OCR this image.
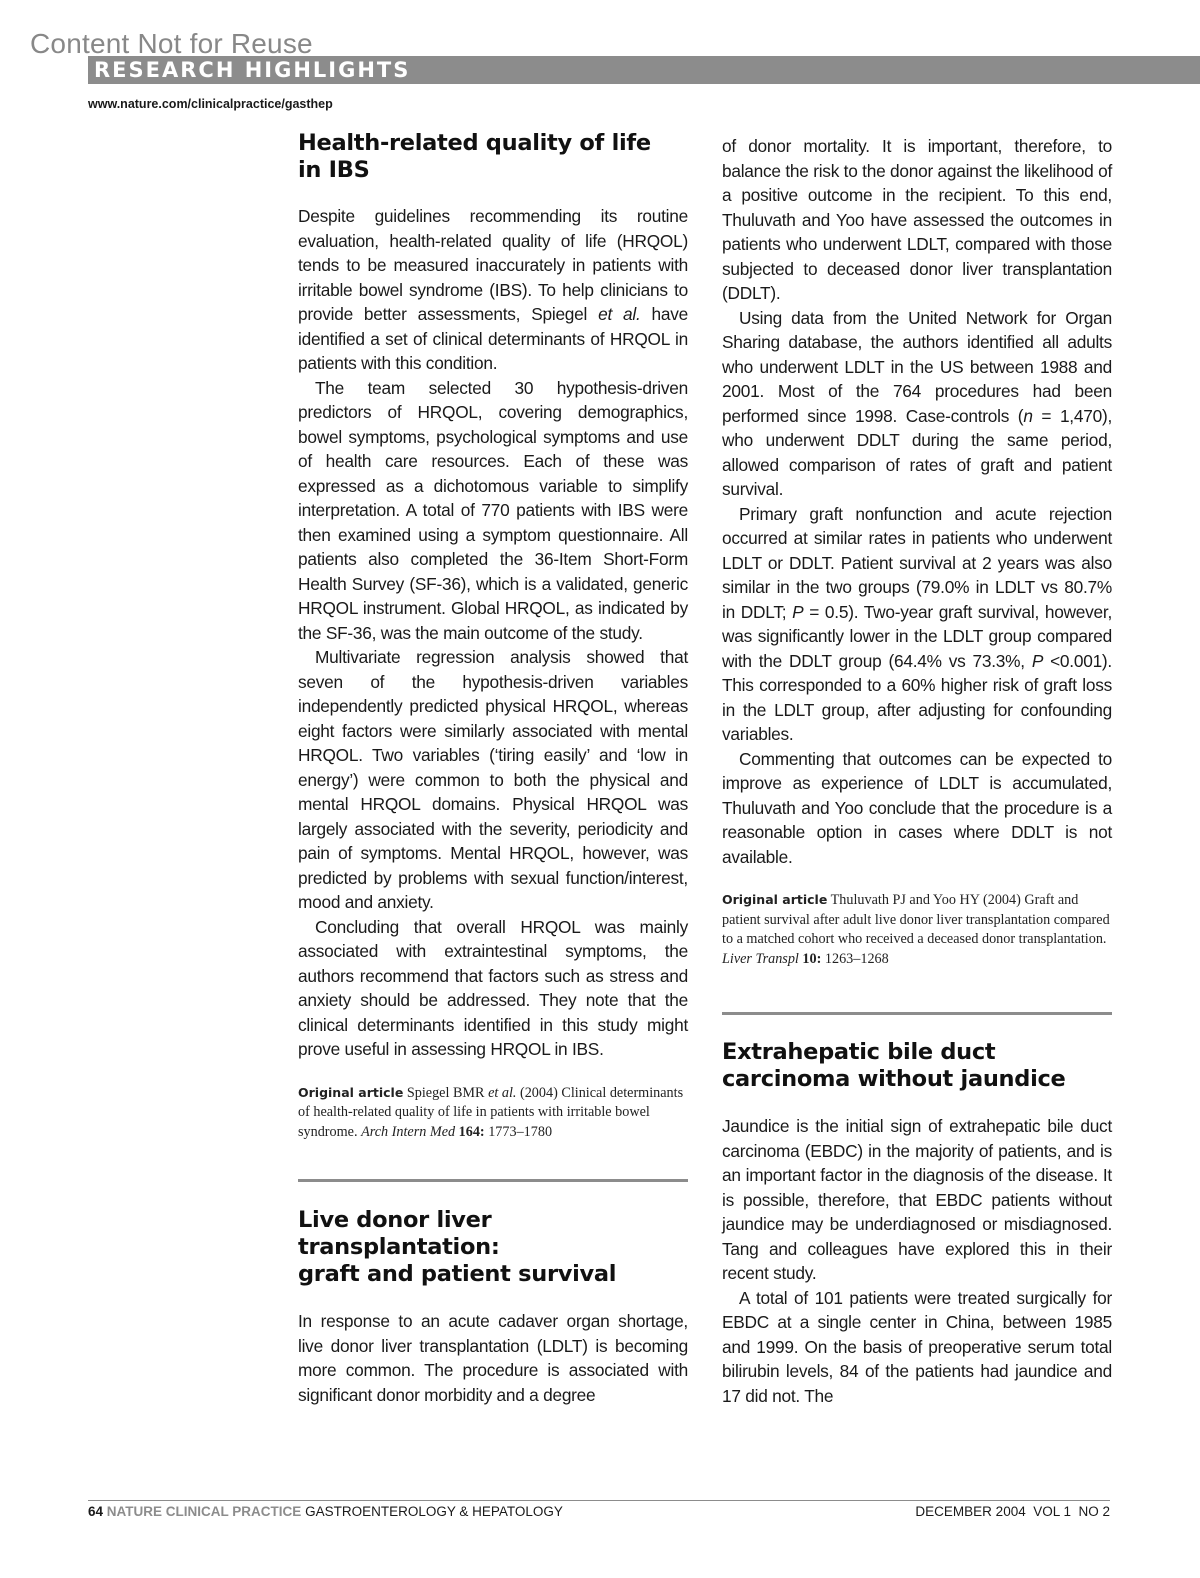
Content Not for Reuse
RESEARCH HIGHLIGHTS
www.nature.com/clinicalpractice/gasthep
Health-related quality of life
in IBS

Despite guidelines recommending its routine evaluation, health-related quality of life (HRQOL) tends to be measured inaccurately in patients with irritable bowel syndrome (IBS). To help clinicians to provide better assessments, Spiegel et al. have identified a set of clinical determinants of HRQOL in patients with this condition.

The team selected 30 hypothesis-driven predictors of HRQOL, covering demographics, bowel symptoms, psychological symptoms and use of health care resources. Each of these was expressed as a dichotomous variable to simplify interpretation. A total of 770 patients with IBS were then examined using a symptom questionnaire. All patients also completed the 36-Item Short-Form Health Survey (SF-36), which is a validated, generic HRQOL instrument. Global HRQOL, as indicated by the SF-36, was the main outcome of the study.

Multivariate regression analysis showed that seven of the hypothesis-driven variables independently predicted physical HRQOL, whereas eight factors were similarly associated with mental HRQOL. Two variables (‘tiring easily’ and ‘low in energy’) were common to both the physical and mental HRQOL domains. Physical HRQOL was largely associated with the severity, periodicity and pain of symptoms. Mental HRQOL, however, was predicted by problems with sexual function/interest, mood and anxiety.

Concluding that overall HRQOL was mainly associated with extraintestinal symptoms, the authors recommend that factors such as stress and anxiety should be addressed. They note that the clinical determinants identified in this study might prove useful in assessing HRQOL in IBS.

Original article Spiegel BMR et al. (2004) Clinical determinants of health-related quality of life in patients with irritable bowel syndrome. Arch Intern Med 164: 1773–1780

Live donor liver transplantation:
graft and patient survival

In response to an acute cadaver organ shortage, live donor liver transplantation (LDLT) is becoming more common. The procedure is associated with significant donor morbidity and a degree

of donor mortality. It is important, therefore, to balance the risk to the donor against the likelihood of a positive outcome in the recipient. To this end, Thuluvath and Yoo have assessed the outcomes in patients who underwent LDLT, compared with those subjected to deceased donor liver transplantation (DDLT).

Using data from the United Network for Organ Sharing database, the authors identified all adults who underwent LDLT in the US between 1988 and 2001. Most of the 764 procedures had been performed since 1998. Case-controls (n = 1,470), who underwent DDLT during the same period, allowed comparison of rates of graft and patient survival.

Primary graft nonfunction and acute rejection occurred at similar rates in patients who underwent LDLT or DDLT. Patient survival at 2 years was also similar in the two groups (79.0% in LDLT vs 80.7% in DDLT; P = 0.5). Two-year graft survival, however, was significantly lower in the LDLT group compared with the DDLT group (64.4% vs 73.3%, P <0.001). This corresponded to a 60% higher risk of graft loss in the LDLT group, after adjusting for confounding variables.

Commenting that outcomes can be expected to improve as experience of LDLT is accumulated, Thuluvath and Yoo conclude that the procedure is a reasonable option in cases where DDLT is not available.

Original article Thuluvath PJ and Yoo HY (2004) Graft and patient survival after adult live donor liver transplantation compared to a matched cohort who received a deceased donor transplantation. Liver Transpl 10: 1263–1268

Extrahepatic bile duct
carcinoma without jaundice

Jaundice is the initial sign of extrahepatic bile duct carcinoma (EBDC) in the majority of patients, and is an important factor in the diagnosis of the disease. It is possible, therefore, that EBDC patients without jaundice may be underdiagnosed or misdiagnosed. Tang and colleagues have explored this in their recent study.

A total of 101 patients were treated surgically for EBDC at a single center in China, between 1985 and 1999. On the basis of preoperative serum total bilirubin levels, 84 of the patients had jaundice and 17 did not. The

64 NATURE CLINICAL PRACTICE GASTROENTEROLOGY & HEPATOLOGY	DECEMBER 2004  VOL 1  NO 2
